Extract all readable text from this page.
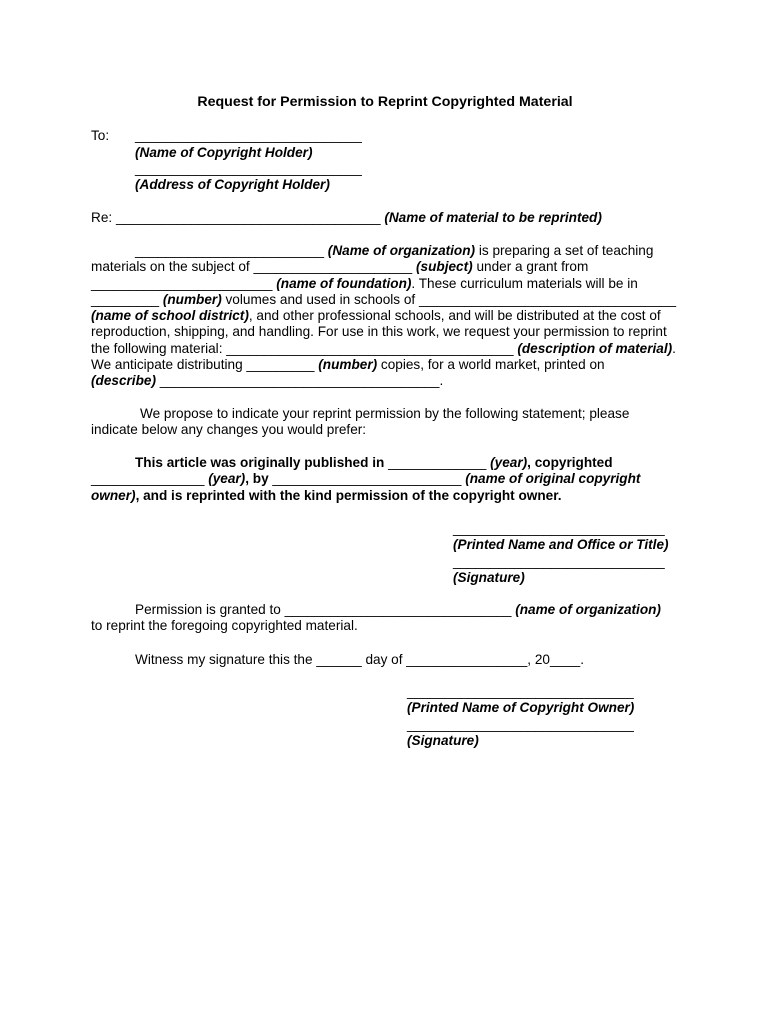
Request for Permission to Reprint Copyrighted Material
To: ______________________________
(Name of Copyright Holder)
______________________________
(Address of Copyright Holder)
Re: ___________________________________ (Name of material to be reprinted)
_________________________ (Name of organization) is preparing a set of teaching
materials on the subject of _____________________ (subject) under a grant from
________________________ (name of foundation). These curriculum materials will be in
_________ (number) volumes and used in schools of __________________________________
(name of school district), and other professional schools, and will be distributed at the cost of
reproduction, shipping, and handling. For use in this work, we request your permission to reprint
the following material: ______________________________________ (description of material).
We anticipate distributing _________ (number) copies, for a world market, printed on
(describe) _____________________________________.
We propose to indicate your reprint permission by the following statement; please
indicate below any changes you would prefer:
This article was originally published in _____________ (year), copyrighted
_______________ (year), by _________________________ (name of original copyright
owner), and is reprinted with the kind permission of the copyright owner.
____________________________
(Printed Name and Office or Title)
____________________________
(Signature)
Permission is granted to ______________________________ (name of organization)
to reprint the foregoing copyrighted material.
Witness my signature this the ______ day of ________________, 20____.
______________________________
(Printed Name of Copyright Owner)
______________________________
(Signature)
